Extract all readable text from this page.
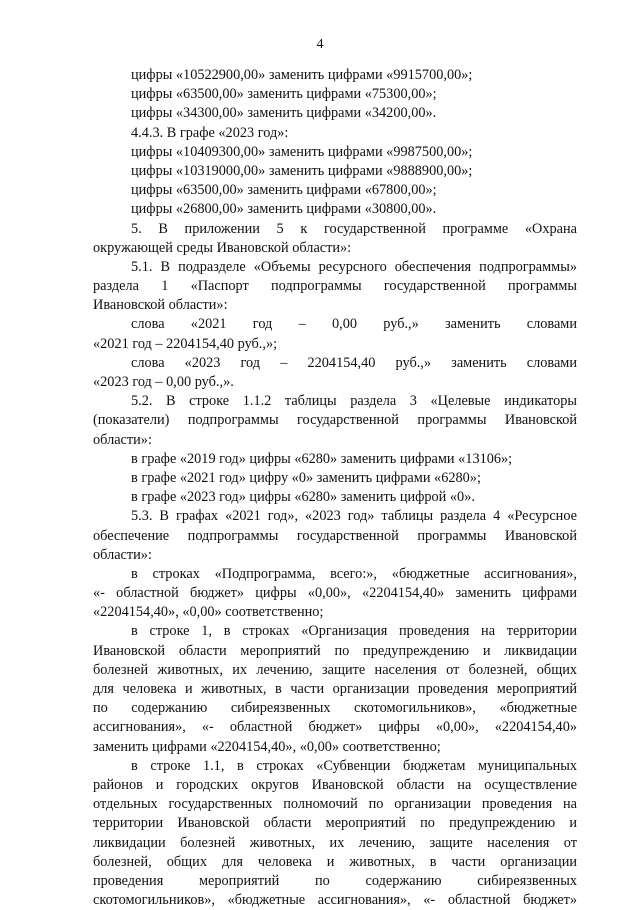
4
цифры «10522900,00» заменить цифрами «9915700,00»;
цифры «63500,00» заменить цифрами «75300,00»;
цифры «34300,00» заменить цифрами «34200,00».
4.4.3. В графе «2023 год»:
цифры «10409300,00» заменить цифрами «9987500,00»;
цифры «10319000,00» заменить цифрами «9888900,00»;
цифры «63500,00» заменить цифрами «67800,00»;
цифры «26800,00» заменить цифрами «30800,00».
5. В приложении 5 к государственной программе «Охрана
окружающей среды Ивановской области»:
5.1. В подразделе «Объемы ресурсного обеспечения подпрограммы»
раздела 1 «Паспорт подпрограммы государственной программы
Ивановской области»:
слова «2021 год – 0,00 руб.,» заменить словами
«2021 год – 2204154,40 руб.,»;
слова «2023 год – 2204154,40 руб.,» заменить словами
«2023 год – 0,00 руб.,».
5.2. В строке 1.1.2 таблицы раздела 3 «Целевые индикаторы
(показатели) подпрограммы государственной программы Ивановской
области»:
в графе «2019 год» цифры «6280» заменить цифрами «13106»;
в графе «2021 год» цифру «0» заменить цифрами «6280»;
в графе «2023 год» цифры «6280» заменить цифрой «0».
5.3. В графах «2021 год», «2023 год» таблицы раздела 4 «Ресурсное
обеспечение подпрограммы государственной программы Ивановской
области»:
в строках «Подпрограмма, всего:», «бюджетные ассигнования»,
«- областной бюджет» цифры «0,00», «2204154,40» заменить цифрами
«2204154,40», «0,00» соответственно;
в строке 1, в строках «Организация проведения на территории
Ивановской области мероприятий по предупреждению и ликвидации
болезней животных, их лечению, защите населения от болезней, общих
для человека и животных, в части организации проведения мероприятий
по содержанию сибиреязвенных скотомогильников», «бюджетные
ассигнования», «- областной бюджет» цифры «0,00», «2204154,40»
заменить цифрами «2204154,40», «0,00» соответственно;
в строке 1.1, в строках «Субвенции бюджетам муниципальных
районов и городских округов Ивановской области на осуществление
отдельных государственных полномочий по организации проведения на
территории Ивановской области мероприятий по предупреждению и
ликвидации болезней животных, их лечению, защите населения от
болезней, общих для человека и животных, в части организации
проведения мероприятий по содержанию сибиреязвенных
скотомогильников», «бюджетные ассигнования», «- областной бюджет»
